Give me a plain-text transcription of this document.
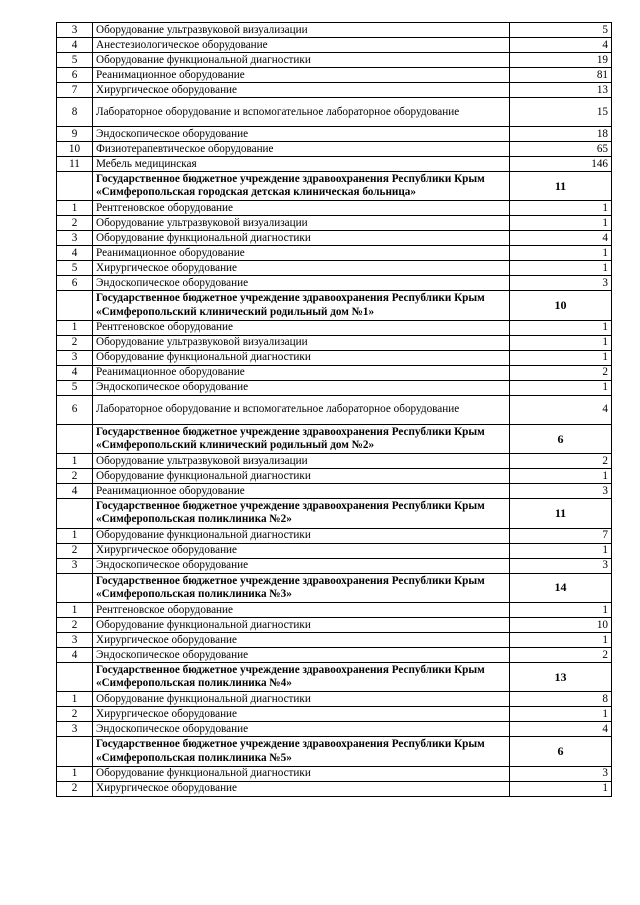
3	Оборудование ультразвуковой визуализации	5
4	Анестезиологическое оборудование	4
5	Оборудование функциональной диагностики	19
6	Реанимационное оборудование	81
7	Хирургическое оборудование	13
8	Лабораторное оборудование и вспомогательное лабораторное оборудование	15
9	Эндоскопическое оборудование	18
10	Физиотерапевтическое оборудование	65
11	Мебель медицинская	146
	Государственное бюджетное учреждение здравоохранения Республики Крым «Симферопольская городская детская клиническая больница»	11
1	Рентгеновское оборудование	1
2	Оборудование ультразвуковой визуализации	1
3	Оборудование функциональной диагностики	4
4	Реанимационное оборудование	1
5	Хирургическое оборудование	1
6	Эндоскопическое оборудование	3
	Государственное бюджетное учреждение здравоохранения Республики Крым «Симферопольский клинический родильный дом №1»	10
1	Рентгеновское оборудование	1
2	Оборудование ультразвуковой визуализации	1
3	Оборудование функциональной диагностики	1
4	Реанимационное оборудование	2
5	Эндоскопическое оборудование	1
6	Лабораторное оборудование и вспомогательное лабораторное оборудование	4
	Государственное бюджетное учреждение здравоохранения Республики Крым «Симферопольский клинический родильный дом №2»	6
1	Оборудование ультразвуковой визуализации	2
2	Оборудование функциональной диагностики	1
4	Реанимационное оборудование	3
	Государственное бюджетное учреждение здравоохранения Республики Крым «Симферопольская поликлиника №2»	11
1	Оборудование функциональной диагностики	7
2	Хирургическое оборудование	1
3	Эндоскопическое оборудование	3
	Государственное бюджетное учреждение здравоохранения Республики Крым «Симферопольская поликлиника №3»	14
1	Рентгеновское оборудование	1
2	Оборудование функциональной диагностики	10
3	Хирургическое оборудование	1
4	Эндоскопическое оборудование	2
	Государственное бюджетное учреждение здравоохранения Республики Крым «Симферопольская поликлиника №4»	13
1	Оборудование функциональной диагностики	8
2	Хирургическое оборудование	1
3	Эндоскопическое оборудование	4
	Государственное бюджетное учреждение здравоохранения Республики Крым «Симферопольская поликлиника №5»	6
1	Оборудование функциональной диагностики	3
2	Хирургическое оборудование	1
